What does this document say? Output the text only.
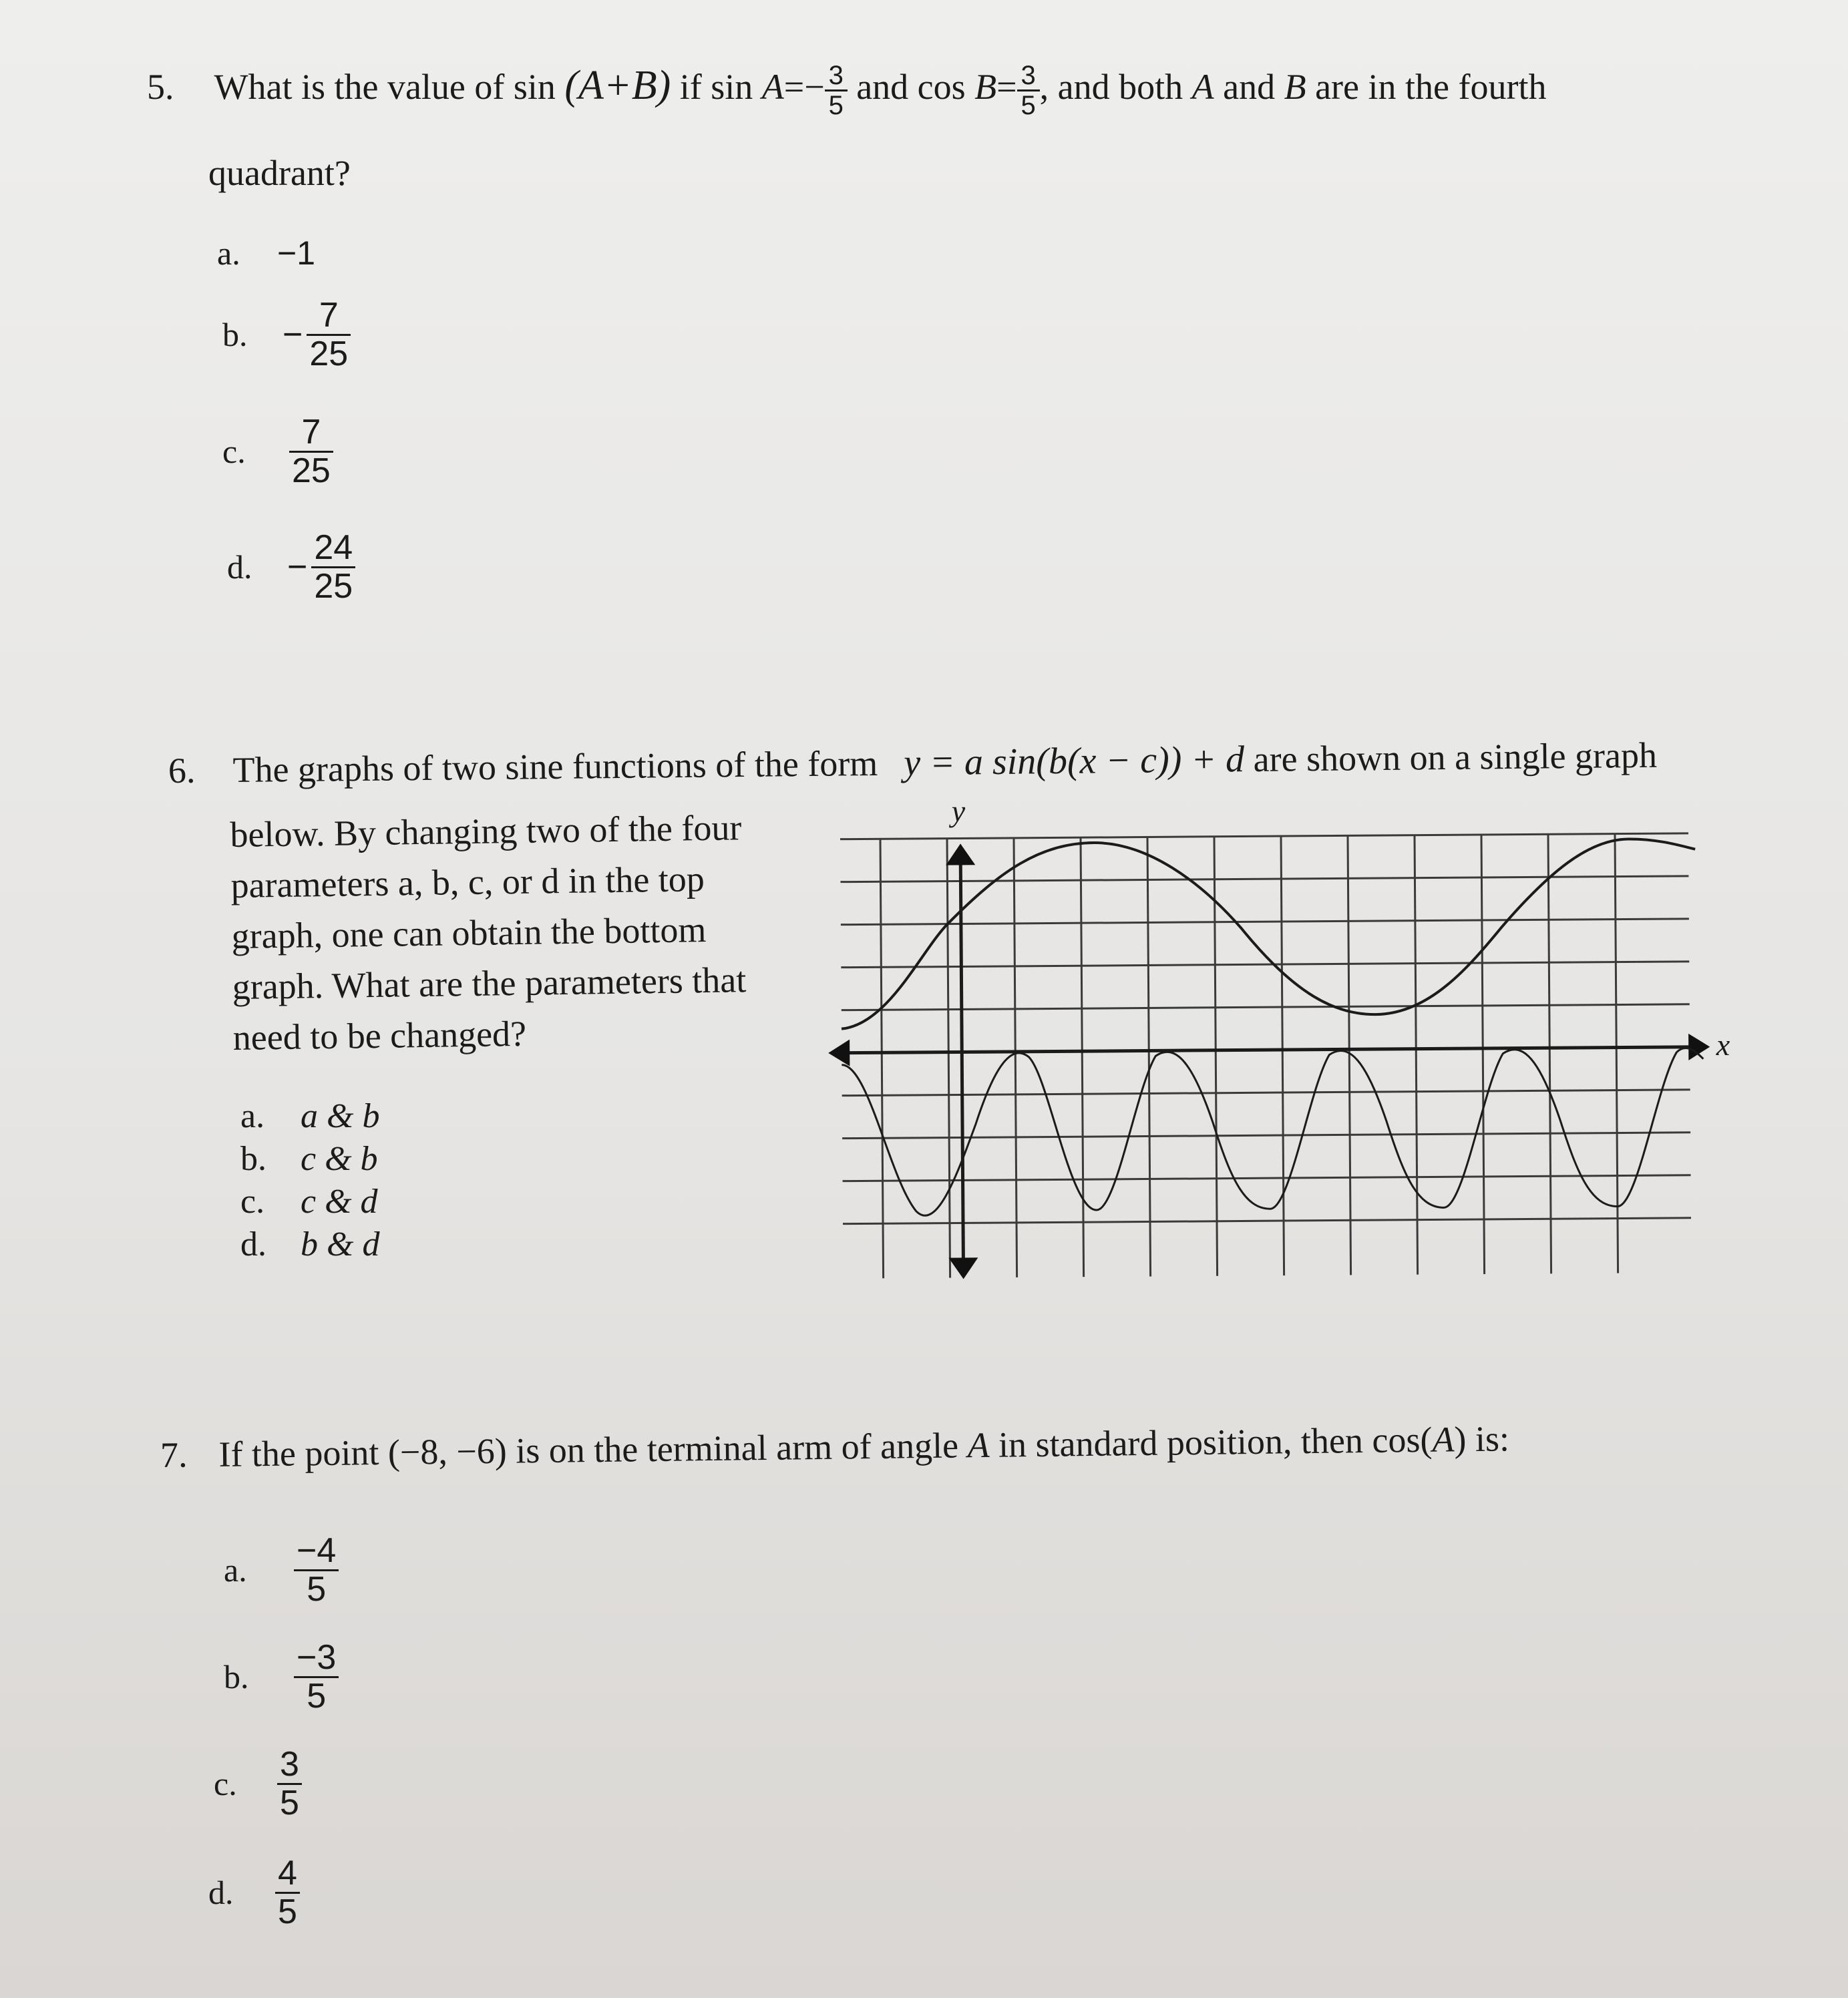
5. What is the value of sin (A+B) if $\sin A=- \frac{3}{5}$ and $\cos B= \frac{3}{5}$ , and both A and B are in the fourth
quadrant?
a. −1
b. − $\frac{7}{25}$
c. $\frac{7}{25}$
d. − $\frac{24}{25}$
6. The graphs of two sine functions of the form y = a sin(b(x − c)) + d are shown on a single graph
below. By changing two of the four
parameters a, b, c, or d in the top
graph, one can obtain the bottom
graph. What are the parameters that
need to be changed?
a. a & b
b. c & b
c. c & d
d. b & d
y
x
7. If the point (−8, −6) is on the terminal arm of angle A in standard position, then cos(A) is:
a. $\frac{-4}{5}$
b. $\frac{-3}{5}$
c. $\frac{3}{5}$
d. $\frac{4}{5}$
